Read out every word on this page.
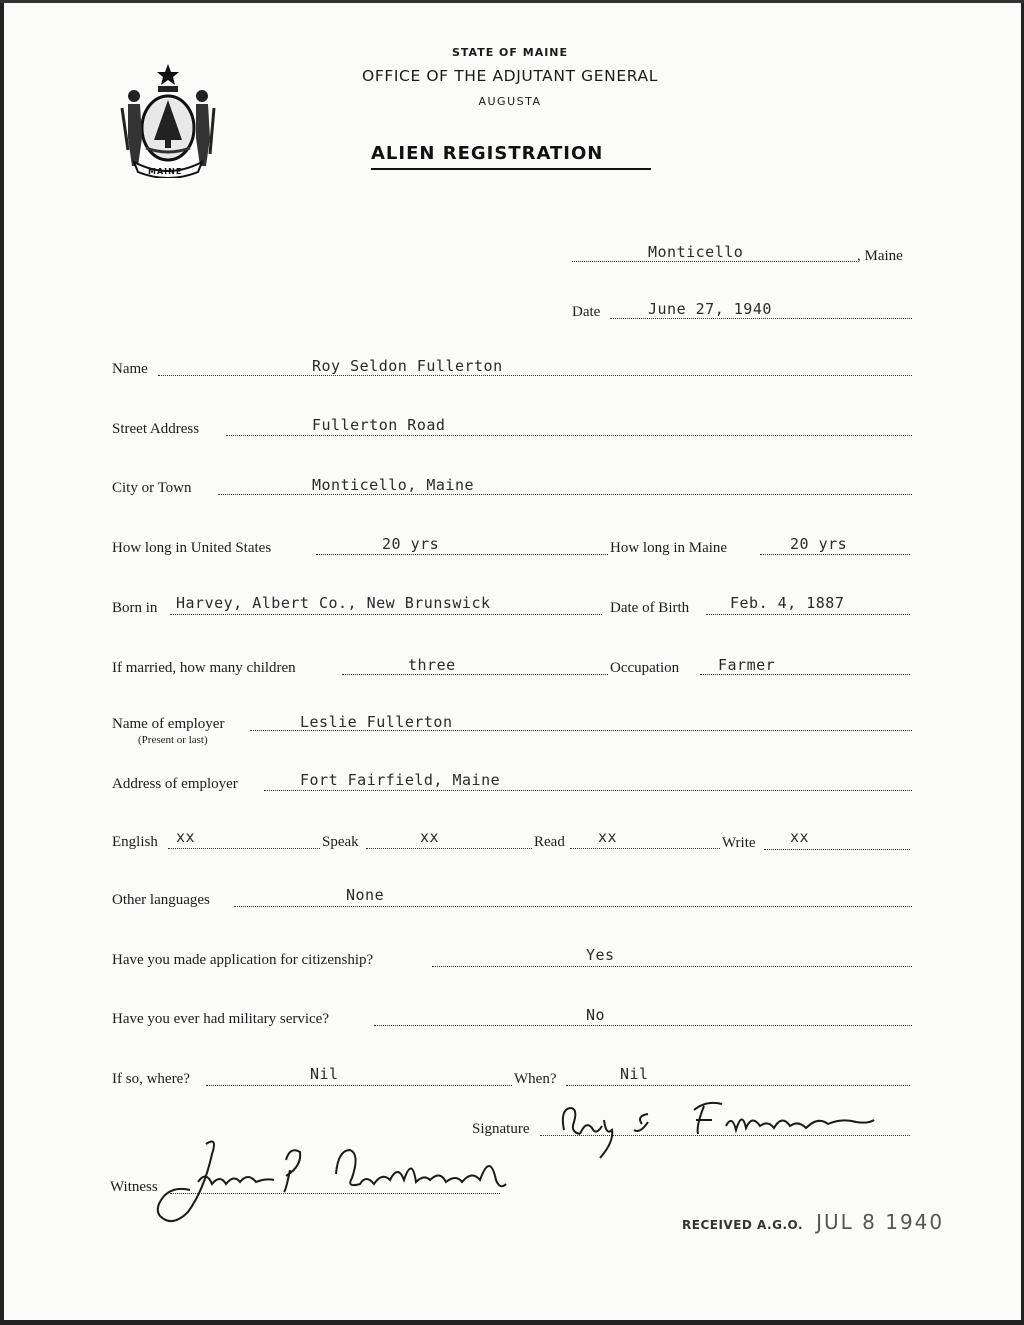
MAINE
STATE OF MAINE
OFFICE OF THE ADJUTANT GENERAL
AUGUSTA
ALIEN REGISTRATION
Monticello	, Maine
Date	June 27, 1940
Name	Roy Seldon Fullerton
Street Address	Fullerton Road
City or Town	Monticello, Maine
How long in United States	20 yrs	How long in Maine	20 yrs
Born in Harvey, Albert Co., New Brunswick	Date of Birth	Feb. 4, 1887
If married, how many children	three	Occupation	Farmer
Name of employer
(Present or last)
Leslie Fullerton
Address of employer	Fort Fairfield, Maine
English xx	Speak	xx	Read xx	Write xx
Other languages	None
Have you made application for citizenship?	Yes
Have you ever had military service?	No
If so, where?	Nil	When?	Nil
Signature
Witness
RECEIVED A.G.O. JUL 8 1940
